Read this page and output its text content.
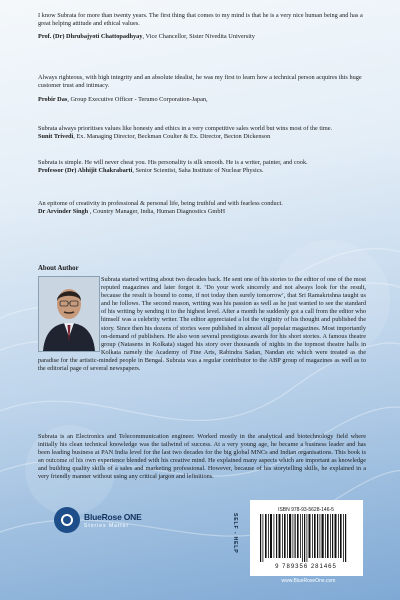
I know Subrata for more than twenty years. The first thing that comes to my mind is that he is a very nice human being and has a great helping attitude and ethical values.
Prof. (Dr) Dhrubajyoti Chattopadhyay, Vice Chancellor, Sister Nivedita University

Always righteous, with high integrity and an absolute idealist, he was my first to learn how a technical person acquires this huge customer trust and intimacy.
Probir Das, Group Executive Officer - Terumo Corporation-Japan,

Subrata always prioritises values like honesty and ethics in a very competitive sales world but wins most of the time.
Sunit Trivedi, Ex. Managing Director, Beckman Coulter & Ex. Director, Becton Dickenson

Subrata is simple. He will never cheat you. His personality is silk smooth. He is a writer, painter, and cook.
Professor (Dr) Abhijit Chakrabarti, Senior Scientist, Saha Institute of Nuclear Physics.

An epitome of creativity in professional & personal life, being truthful and with fearless conduct.
Dr Arvinder Singh , Country Manager, India, Human Diagnostics GmbH

About Author

Subrata started writing about two decades back. He sent one of his stories to the editor of one of the most reputed magazines and later forgot it. ‘Do your work sincerely and not always look for the result, because the result is bound to come, if not today then surely tomorrow’, that Sri Ramakrishna taught us and he follows. The second reason, writing was his passion as well as he just wanted to see the standard of his writing by sending it to the highest level. After a month he suddenly got a call from the editor who himself was a celebrity writer. The editor appreciated a lot the virginity of his thought and published the story. Since then his dozens of stories were published in almost all popular magazines. Most importantly on-demand of publishers. He also won several prestigious awards for his short stories. A famous theatre group (Natasens in Kolkata) staged his story over thousands of nights in the topmost theatre halls in Kolkata namely the Academy of Fine Arts, Rabindra Sadan, Nandan etc which were treated as the paradise for the artistic-minded people in Bengal. Subrata was a regular contributor to the ABP group of magazines as well as to the editorial page of several newspapers.

Subrata is an Electronics and Telecommunication engineer. Worked mostly in the analytical and biotechnology field where initially his clean technical knowledge was the tailwind of success. At a very young age, he became a business leader and has been leading business at PAN India level for the last two decades for the big global MNCs and Indian organisations. This book is an outcome of his own experience blended with his creative mind. He explained many aspects which are important as knowledge and building quality skills of a sales and marketing professional. However, because of his storytelling skills, he explained in a very friendly manner without using any critical jargon and lefinitions.

BlueRose ONE
Stories Matter	SELF - HELP
ISBN 978-93-5628-146-5
9 789356 281465
www.BlueRoseOne.com
